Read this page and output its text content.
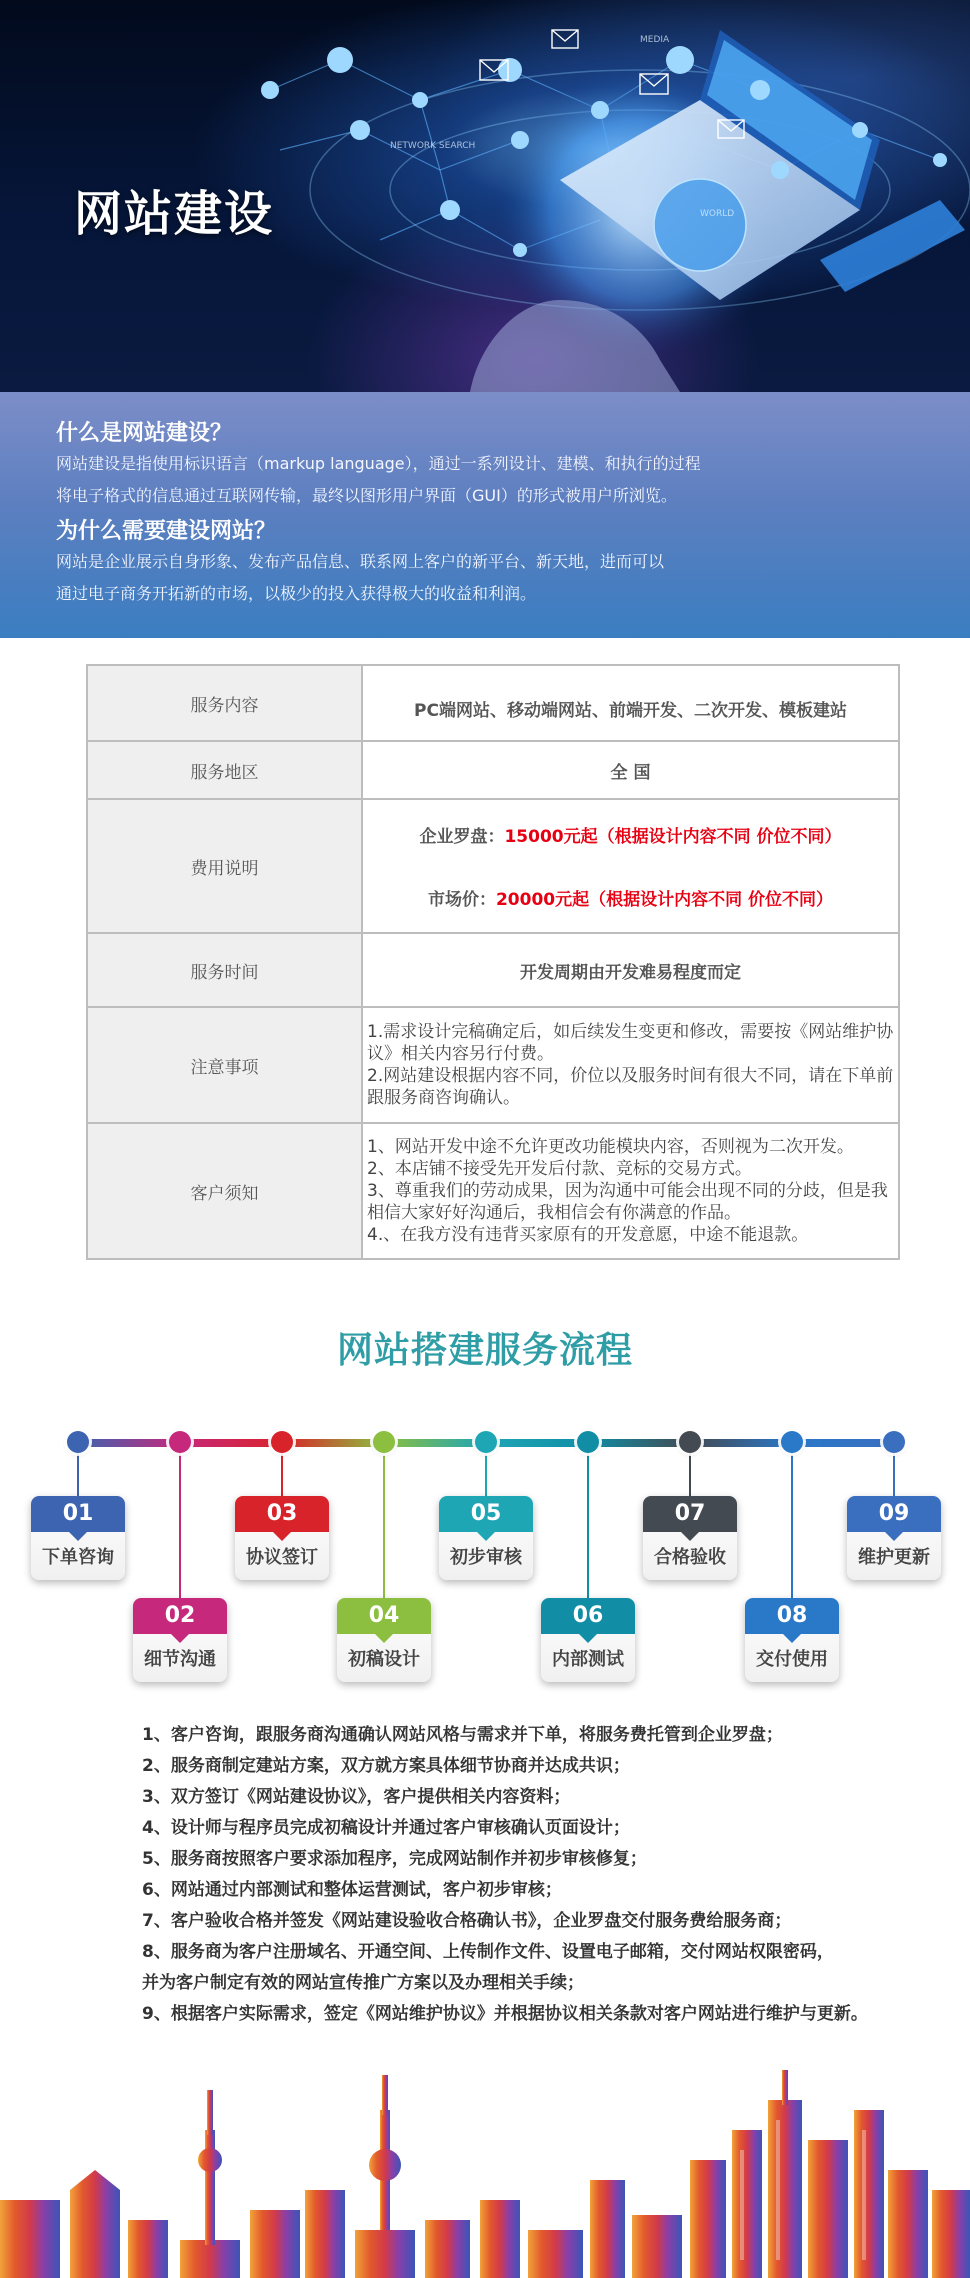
MEDIA
NETWORK SEARCH
WORLD
网站建设
什么是网站建设？
网站建设是指使用标识语言（markup language），通过一系列设计、建模、和执行的过程
将电子格式的信息通过互联网传输，最终以图形用户界面（GUI）的形式被用户所浏览。
为什么需要建设网站？
网站是企业展示自身形象、发布产品信息、联系网上客户的新平台、新天地，进而可以
通过电子商务开拓新的市场，以极少的投入获得极大的收益和利润。
服务内容	PC端网站、移动端网站、前端开发、二次开发、模板建站
服务地区	全 国
费用说明	企业罗盘：15000元起（根据设计内容不同 价位不同）
市场价：20000元起（根据设计内容不同 价位不同）

服务时间	开发周期由开发难易程度而定
注意事项	1.需求设计完稿确定后，如后续发生变更和修改，需要按《网站维护协议》相关内容另行付费。
2.网站建设根据内容不同，价位以及服务时间有很大不同，请在下单前跟服务商咨询确认。

客户须知	1、网站开发中途不允许更改功能模块内容，否则视为二次开发。
2、本店铺不接受先开发后付款、竞标的交易方式。
3、尊重我们的劳动成果，因为沟通中可能会出现不同的分歧，但是我相信大家好好沟通后，我相信会有你满意的作品。
4.、在我方没有违背买家原有的开发意愿，中途不能退款。
网站搭建服务流程
01
下单咨询
02
细节沟通
03
协议签订
04
初稿设计
05
初步审核
06
内部测试
07
合格验收
08
交付使用
09
维护更新
1、客户咨询，跟服务商沟通确认网站风格与需求并下单，将服务费托管到企业罗盘；
2、服务商制定建站方案，双方就方案具体细节协商并达成共识；
3、双方签订《网站建设协议》，客户提供相关内容资料；
4、设计师与程序员完成初稿设计并通过客户审核确认页面设计；
5、服务商按照客户要求添加程序，完成网站制作并初步审核修复；
6、网站通过内部测试和整体运营测试，客户初步审核；
7、客户验收合格并签发《网站建设验收合格确认书》，企业罗盘交付服务费给服务商；
8、服务商为客户注册域名、开通空间、上传制作文件、设置电子邮箱，交付网站权限密码，
并为客户制定有效的网站宣传推广方案以及办理相关手续；
9、根据客户实际需求，签定《网站维护协议》并根据协议相关条款对客户网站进行维护与更新。
